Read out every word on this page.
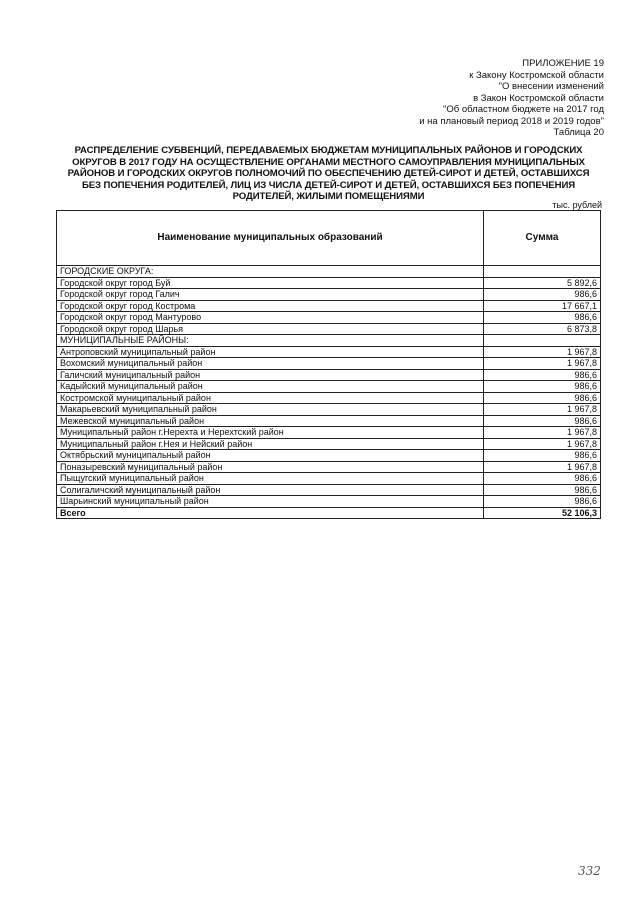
ПРИЛОЖЕНИЕ 19
к Закону Костромской области
"О внесении изменений
в Закон Костромской области
"Об областном бюджете на 2017 год
и на плановый период 2018 и 2019 годов"
Таблица 20
РАСПРЕДЕЛЕНИЕ СУБВЕНЦИЙ, ПЕРЕДАВАЕМЫХ БЮДЖЕТАМ МУНИЦИПАЛЬНЫХ РАЙОНОВ И ГОРОДСКИХ
ОКРУГОВ В 2017 ГОДУ НА ОСУЩЕСТВЛЕНИЕ ОРГАНАМИ МЕСТНОГО САМОУПРАВЛЕНИЯ МУНИЦИПАЛЬНЫХ
РАЙОНОВ И ГОРОДСКИХ ОКРУГОВ ПОЛНОМОЧИЙ ПО ОБЕСПЕЧЕНИЮ ДЕТЕЙ-СИРОТ И ДЕТЕЙ, ОСТАВШИХСЯ
БЕЗ ПОПЕЧЕНИЯ РОДИТЕЛЕЙ, ЛИЦ ИЗ ЧИСЛА ДЕТЕЙ-СИРОТ И ДЕТЕЙ, ОСТАВШИХСЯ БЕЗ ПОПЕЧЕНИЯ
РОДИТЕЛЕЙ, ЖИЛЫМИ ПОМЕЩЕНИЯМИ
тыс. рублей
Наименование муниципальных образований	Сумма
ГОРОДСКИЕ ОКРУГА:	
Городской округ город Буй	5 892,6
Городской округ город Галич	986,6
Городской округ город Кострома	17 667,1
Городской округ город Мантурово	986,6
Городской округ город Шарья	6 873,8
МУНИЦИПАЛЬНЫЕ РАЙОНЫ:	
Антроповский муниципальный район	1 967,8
Вохомский муниципальный район	1 967,8
Галичский муниципальный район	986,6
Кадыйский муниципальный район	986,6
Костромской муниципальный район	986,6
Макарьевский муниципальный район	1 967,8
Межевской муниципальный район	986,6
Муниципальный район г.Нерехта и Нерехтский район	1 967,8
Муниципальный район г.Нея и Нейский район	1 967,8
Октябрьский муниципальный район	986,6
Поназыревский муниципальный район	1 967,8
Пыщугский муниципальный район	986,6
Солигаличский муниципальный район	986,6
Шарьинский муниципальный район	986,6
Всего	52 106,3
332
